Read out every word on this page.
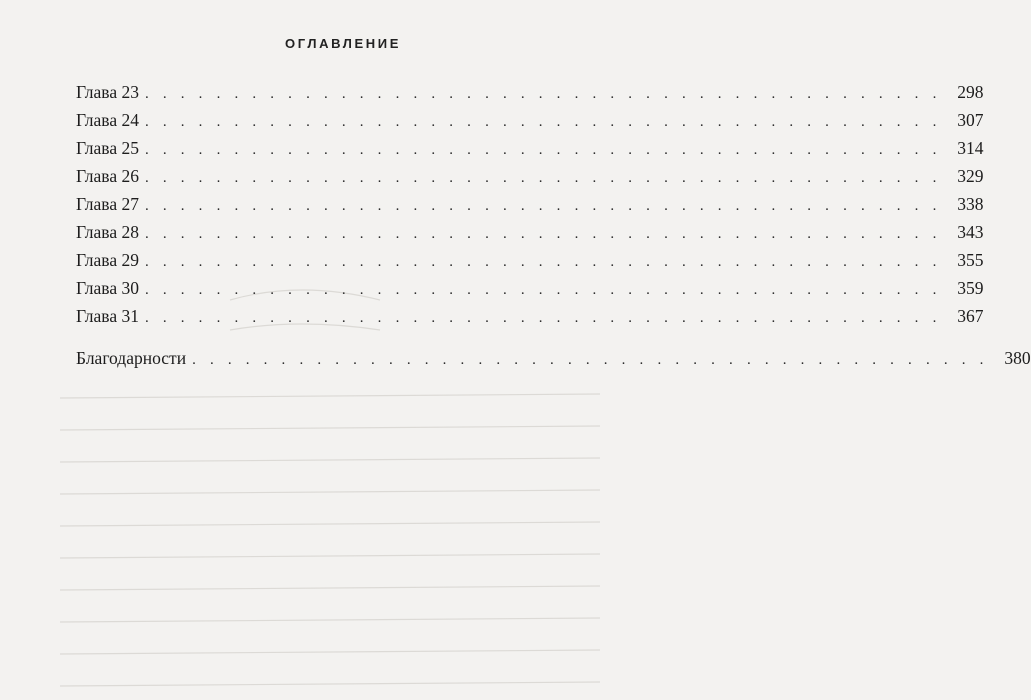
ОГЛАВЛЕНИЕ
Глава 23 . . . . . . . . . . . . . . . . . . . . . . . . . . . . . . . . . . . . . . . . . . . . . 298
Глава 24 . . . . . . . . . . . . . . . . . . . . . . . . . . . . . . . . . . . . . . . . . . . . . 307
Глава 25 . . . . . . . . . . . . . . . . . . . . . . . . . . . . . . . . . . . . . . . . . . . . . 314
Глава 26 . . . . . . . . . . . . . . . . . . . . . . . . . . . . . . . . . . . . . . . . . . . . . 329
Глава 27 . . . . . . . . . . . . . . . . . . . . . . . . . . . . . . . . . . . . . . . . . . . . . 338
Глава 28 . . . . . . . . . . . . . . . . . . . . . . . . . . . . . . . . . . . . . . . . . . . . . 343
Глава 29 . . . . . . . . . . . . . . . . . . . . . . . . . . . . . . . . . . . . . . . . . . . . . 355
Глава 30 . . . . . . . . . . . . . . . . . . . . . . . . . . . . . . . . . . . . . . . . . . . . . 359
Глава 31 . . . . . . . . . . . . . . . . . . . . . . . . . . . . . . . . . . . . . . . . . . . . . 367
Благодарности . . . . . . . . . . . . . . . . . . . . . . . . . . . . . . . . . . . . . . . . . . . . . 380
